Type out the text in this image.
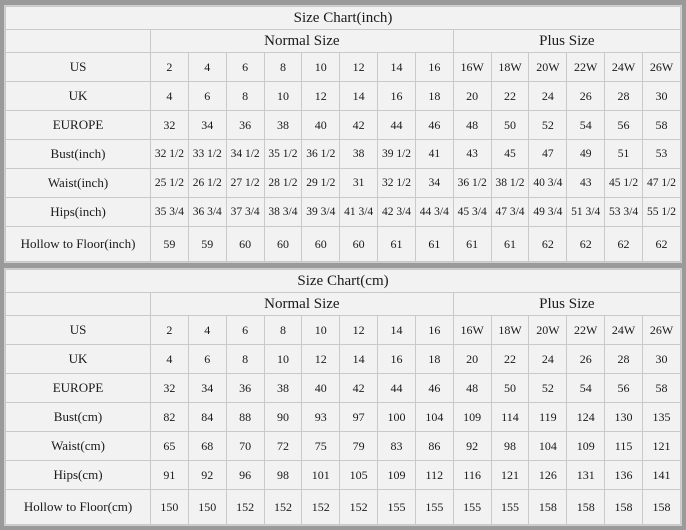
Size Chart(inch)														
	Normal Size								Plus Size					
US	2	4	6	8	10	12	14	16	16W	18W	20W	22W	24W	26W
UK	4	6	8	10	12	14	16	18	20	22	24	26	28	30
EUROPE	32	34	36	38	40	42	44	46	48	50	52	54	56	58
Bust(inch)	32 1/2	33 1/2	34 1/2	35 1/2	36 1/2	38	39 1/2	41	43	45	47	49	51	53
Waist(inch)	25 1/2	26 1/2	27 1/2	28 1/2	29 1/2	31	32 1/2	34	36 1/2	38 1/2	40 3/4	43	45 1/2	47 1/2
Hips(inch)	35 3/4	36 3/4	37 3/4	38 3/4	39 3/4	41 3/4	42 3/4	44 3/4	45 3/4	47 3/4	49 3/4	51 3/4	53 3/4	55 1/2
Hollow to Floor(inch)	59	59	60	60	60	60	61	61	61	61	62	62	62	62
Size Chart(cm)														
	Normal Size								Plus Size					
US	2	4	6	8	10	12	14	16	16W	18W	20W	22W	24W	26W
UK	4	6	8	10	12	14	16	18	20	22	24	26	28	30
EUROPE	32	34	36	38	40	42	44	46	48	50	52	54	56	58
Bust(cm)	82	84	88	90	93	97	100	104	109	114	119	124	130	135
Waist(cm)	65	68	70	72	75	79	83	86	92	98	104	109	115	121
Hips(cm)	91	92	96	98	101	105	109	112	116	121	126	131	136	141
Hollow to Floor(cm)	150	150	152	152	152	152	155	155	155	155	158	158	158	158
